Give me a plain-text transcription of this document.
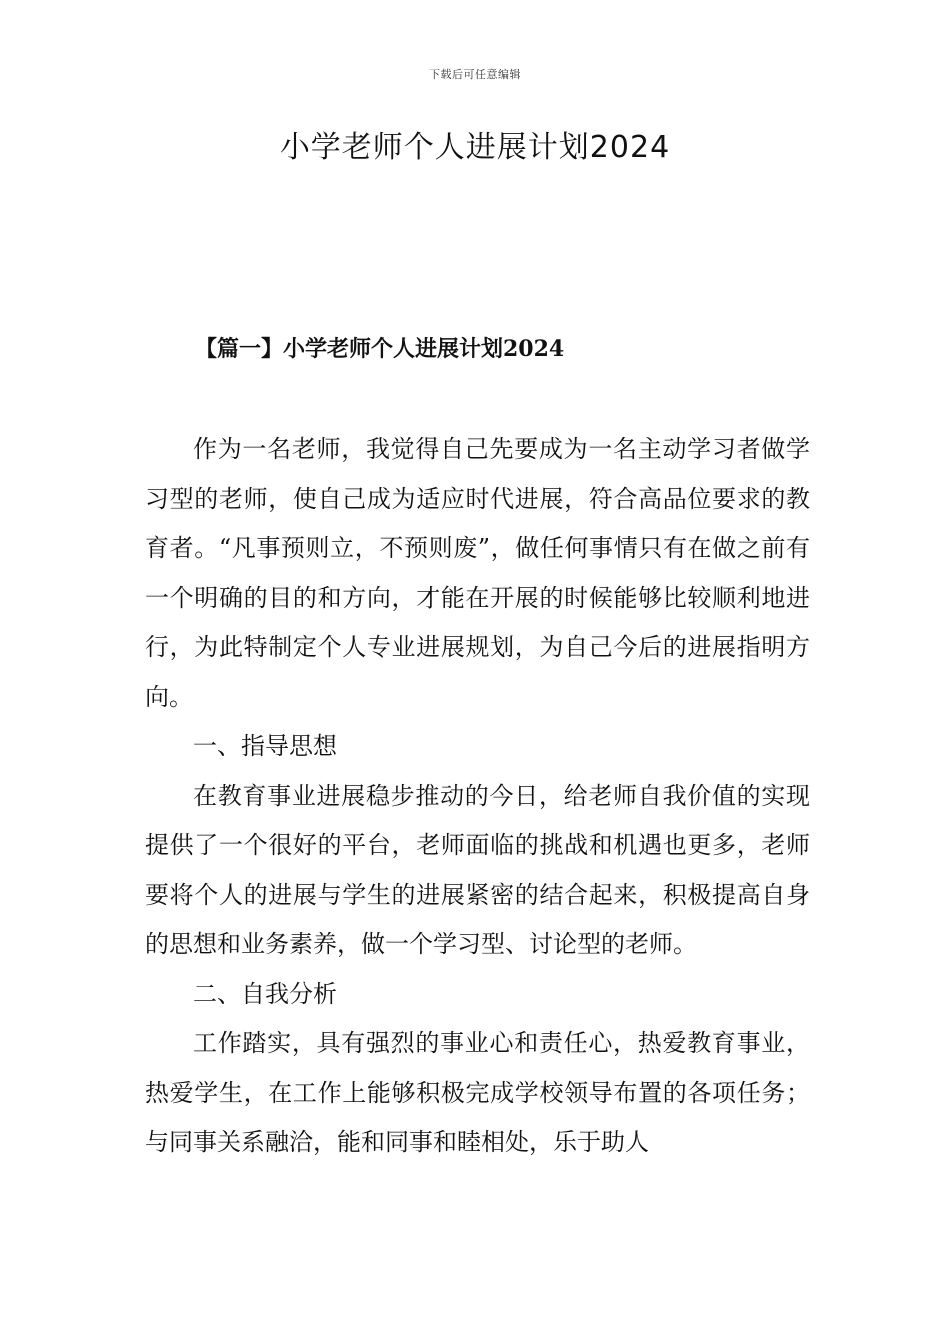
下载后可任意编辑
小学老师个人进展计划2024
【篇一】小学老师个人进展计划2024

作为一名老师，我觉得自己先要成为一名主动学习者做学习型的老师，使自己成为适应时代进展，符合高品位要求的教育者。“凡事预则立，不预则废”，做任何事情只有在做之前有一个明确的目的和方向，才能在开展的时候能够比较顺利地进行，为此特制定个人专业进展规划，为自己今后的进展指明方向。

一、指导思想

在教育事业进展稳步推动的今日，给老师自我价值的实现提供了一个很好的平台，老师面临的挑战和机遇也更多，老师要将个人的进展与学生的进展紧密的结合起来，积极提高自身的思想和业务素养，做一个学习型、讨论型的老师。

二、自我分析

工作踏实，具有强烈的事业心和责任心，热爱教育事业，热爱学生，在工作上能够积极完成学校领导布置的各项任务；与同事关系融洽，能和同事和睦相处，乐于助人
